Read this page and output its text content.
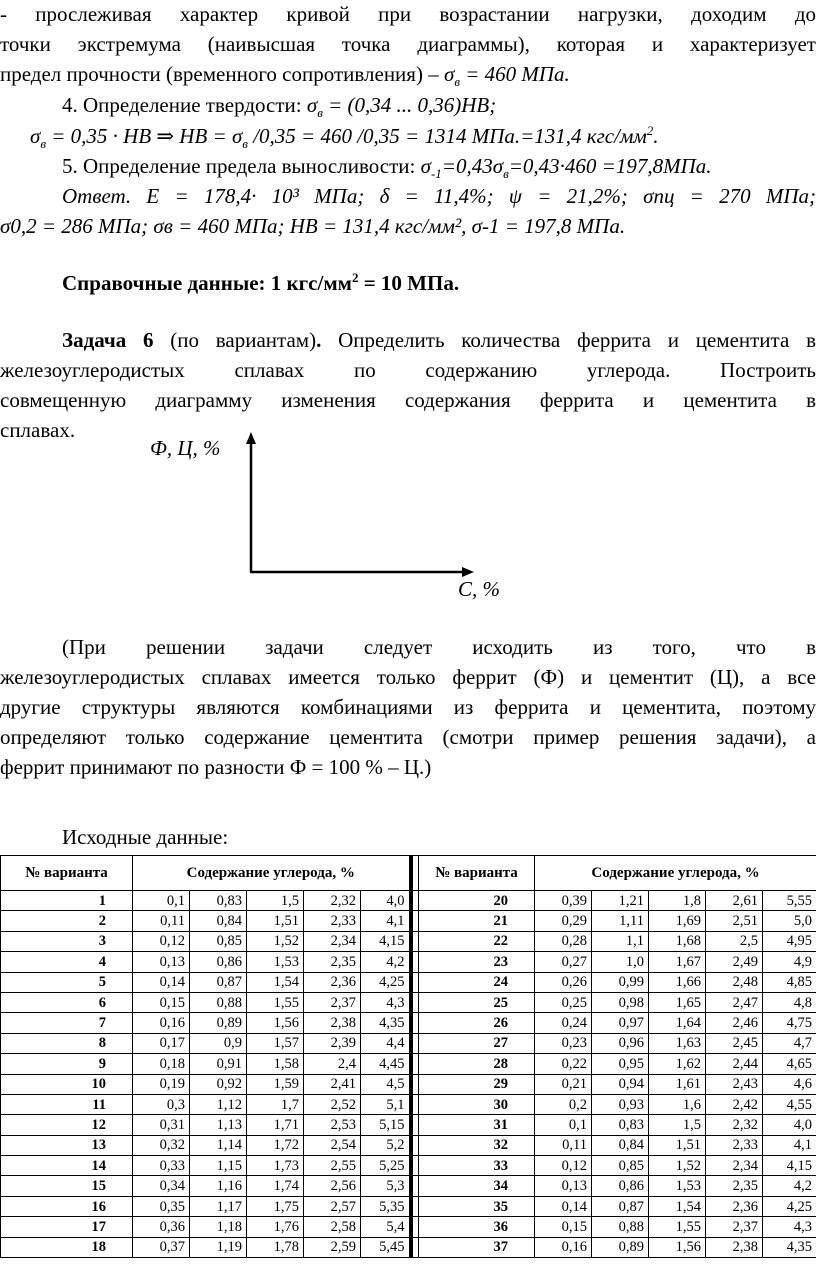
- прослеживая характер кривой при возрастании нагрузки, доходим до
точки экстремума (наивысшая точка диаграммы), которая и характеризует
предел прочности (временного сопротивления) – $\sigma_в = 460$ МПа.
4. Определение твердости: $\sigma_в = (0,34$ ... 0,36)HB;
$\sigma_в = 0,35$ · HB ⇒ HB = $\sigma_в$ /0,35 = 460 /0,35 = 1314 МПа.=131,4 кгс/$мм^2$.
5. Определение предела выносливости: $\sigma_{-1}=0,43\sigma_в=0,43\cdot 460 =197,8МПа$.
Ответ. E = 178,4· 10³ МПа; δ = 11,4%; ψ = 21,2%; σпц = 270 МПа;
σ0,2 = 286 МПа; σв = 460 МПа; HB = 131,4 кгс/мм², σ-1 = 197,8 МПа.
Справочные данные: 1 кгс/$мм^2 = 10$ МПа.
Задача 6 (по вариантам). Определить количества феррита и цементита в
железоуглеродистых сплавах по содержанию углерода. Построить
совмещенную диаграмму изменения содержания феррита и цементита в
сплавах.
Ф, Ц, %
С, %
(При решении задачи следует исходить из того, что в
железоуглеродистых сплавах имеется только феррит (Ф) и цементит (Ц), а все
другие структуры являются комбинациями из феррита и цементита, поэтому
определяют только содержание цементита (смотри пример решения задачи), а
феррит принимают по разности Ф = 100 % – Ц.)
Исходные данные:
№ варианта	Содержание углерода, %						№ варианта	Содержание углерода, %				
1	0,1	0,83	1,5	2,32	4,0		20	0,39	1,21	1,8	2,61	5,55
2	0,11	0,84	1,51	2,33	4,1		21	0,29	1,11	1,69	2,51	5,0
3	0,12	0,85	1,52	2,34	4,15		22	0,28	1,1	1,68	2,5	4,95
4	0,13	0,86	1,53	2,35	4,2		23	0,27	1,0	1,67	2,49	4,9
5	0,14	0,87	1,54	2,36	4,25		24	0,26	0,99	1,66	2,48	4,85
6	0,15	0,88	1,55	2,37	4,3		25	0,25	0,98	1,65	2,47	4,8
7	0,16	0,89	1,56	2,38	4,35		26	0,24	0,97	1,64	2,46	4,75
8	0,17	0,9	1,57	2,39	4,4		27	0,23	0,96	1,63	2,45	4,7
9	0,18	0,91	1,58	2,4	4,45		28	0,22	0,95	1,62	2,44	4,65
10	0,19	0,92	1,59	2,41	4,5		29	0,21	0,94	1,61	2,43	4,6
11	0,3	1,12	1,7	2,52	5,1		30	0,2	0,93	1,6	2,42	4,55
12	0,31	1,13	1,71	2,53	5,15		31	0,1	0,83	1,5	2,32	4,0
13	0,32	1,14	1,72	2,54	5,2		32	0,11	0,84	1,51	2,33	4,1
14	0,33	1,15	1,73	2,55	5,25		33	0,12	0,85	1,52	2,34	4,15
15	0,34	1,16	1,74	2,56	5,3		34	0,13	0,86	1,53	2,35	4,2
16	0,35	1,17	1,75	2,57	5,35		35	0,14	0,87	1,54	2,36	4,25
17	0,36	1,18	1,76	2,58	5,4		36	0,15	0,88	1,55	2,37	4,3
18	0,37	1,19	1,78	2,59	5,45		37	0,16	0,89	1,56	2,38	4,35
